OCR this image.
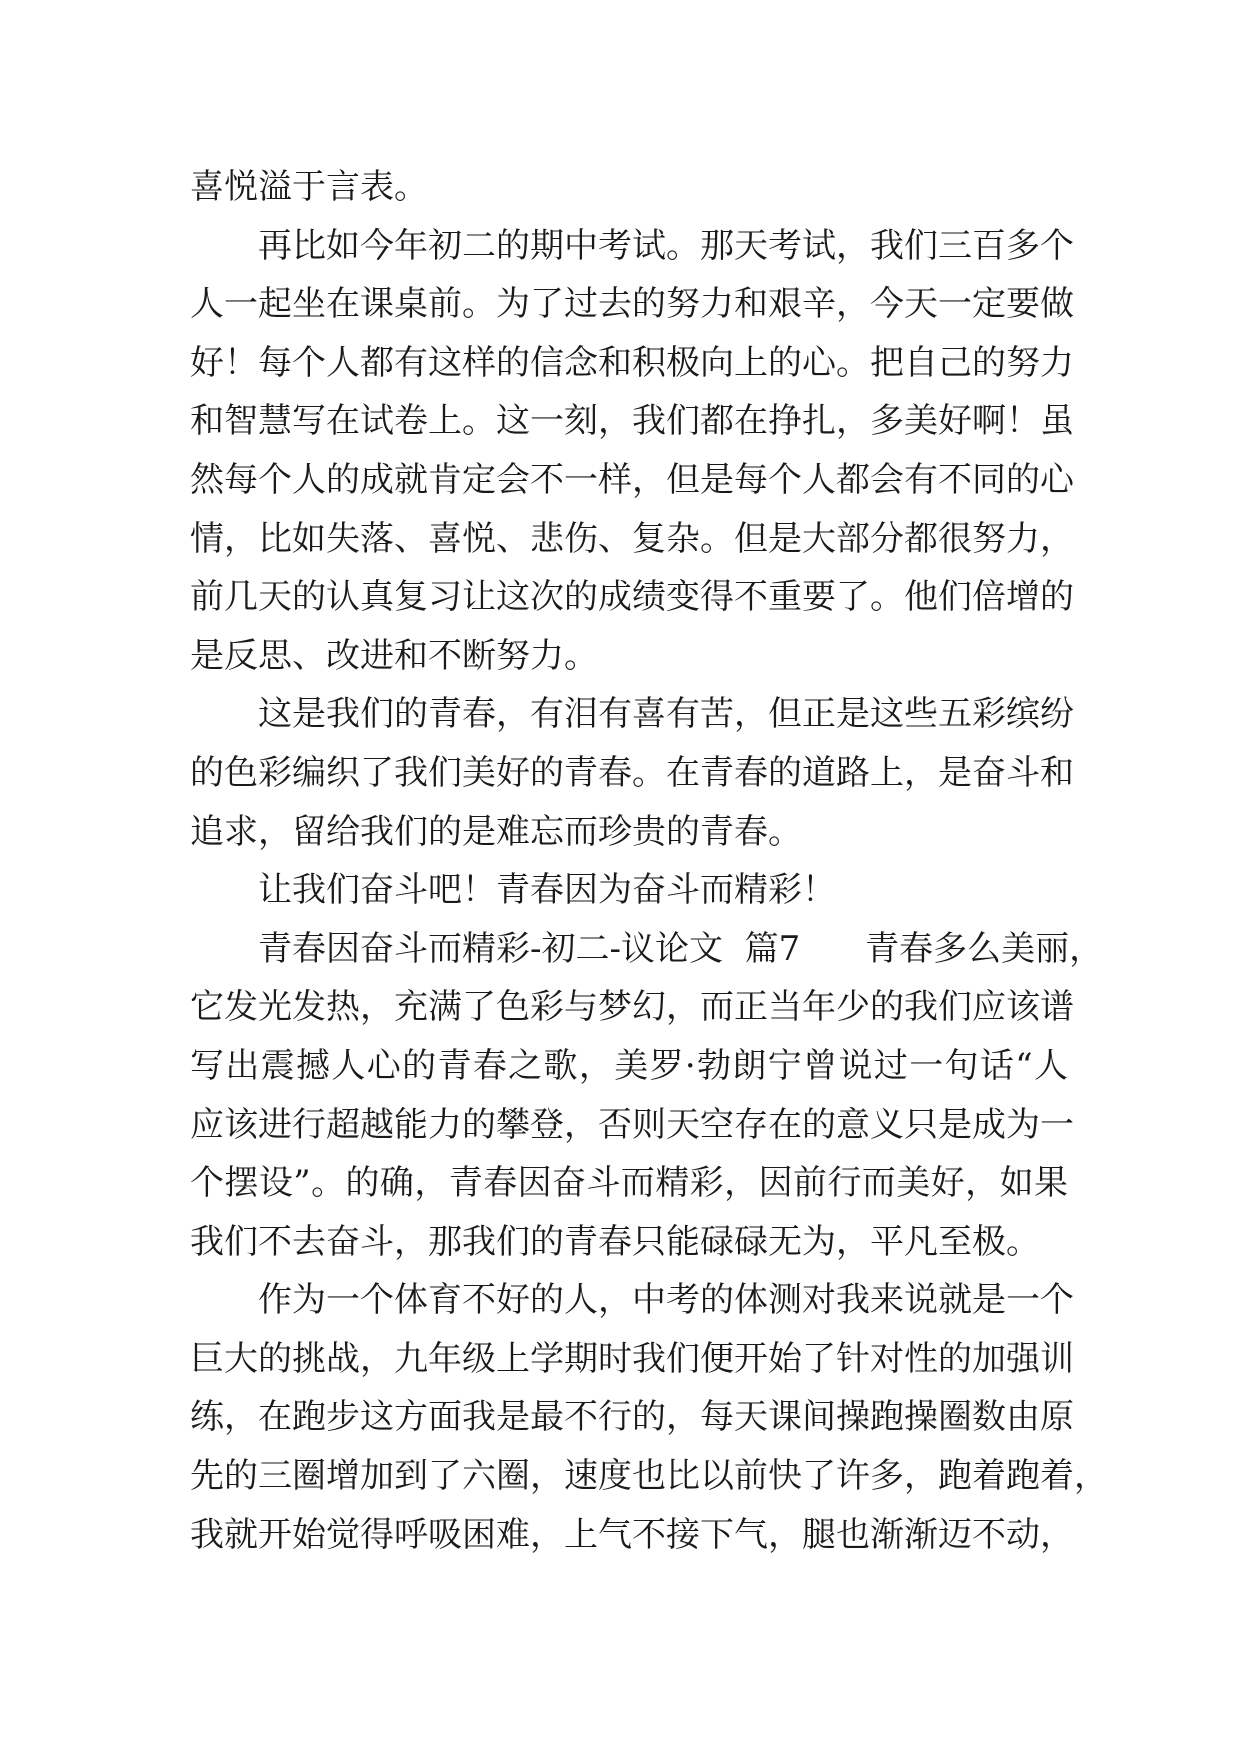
喜悦溢于言表。
再比如今年初二的期中考试。那天考试，我们三百多个
人一起坐在课桌前。为了过去的努力和艰辛，今天一定要做
好！每个人都有这样的信念和积极向上的心。把自己的努力
和智慧写在试卷上。这一刻，我们都在挣扎，多美好啊！虽
然每个人的成就肯定会不一样，但是每个人都会有不同的心
情，比如失落、喜悦、悲伤、复杂。但是大部分都很努力，
前几天的认真复习让这次的成绩变得不重要了。他们倍增的
是反思、改进和不断努力。
这是我们的青春，有泪有喜有苦，但正是这些五彩缤纷
的色彩编织了我们美好的青春。在青春的道路上，是奋斗和
追求，留给我们的是难忘而珍贵的青春。
让我们奋斗吧！青春因为奋斗而精彩！
青春因奋斗而精彩-初二-议论文  篇7      青春多么美丽，
它发光发热，充满了色彩与梦幻，而正当年少的我们应该谱
写出震撼人心的青春之歌，美罗·勃朗宁曾说过一句话“人
应该进行超越能力的攀登，否则天空存在的意义只是成为一
个摆设”。的确，青春因奋斗而精彩，因前行而美好，如果
我们不去奋斗，那我们的青春只能碌碌无为，平凡至极。
作为一个体育不好的人，中考的体测对我来说就是一个
巨大的挑战，九年级上学期时我们便开始了针对性的加强训
练，在跑步这方面我是最不行的，每天课间操跑操圈数由原
先的三圈增加到了六圈，速度也比以前快了许多，跑着跑着，
我就开始觉得呼吸困难，上气不接下气，腿也渐渐迈不动，
